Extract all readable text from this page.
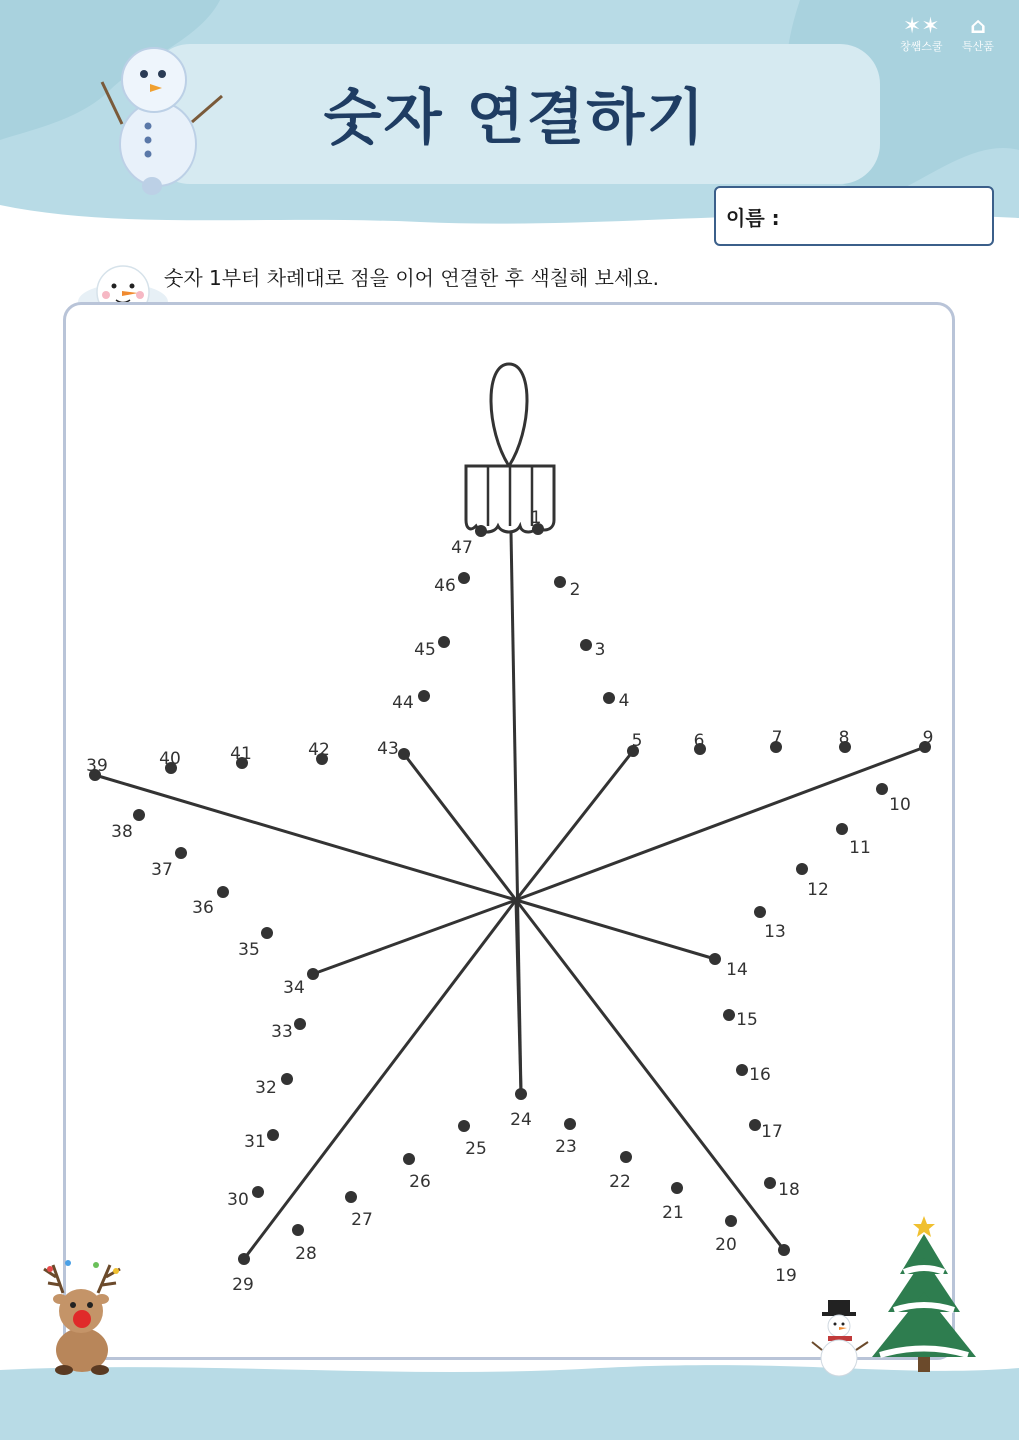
숫자 연결하기
✶✶
창쌤스쿨
⌂
특산품
이름 :
숫자 1부터 차례대로 점을 이어 연결한 후 색칠해 보세요.
1
2
3
4
5	6	7	8	9
10
11
12
13
14
15
16
17
18
19
20
21
22
23
24
25
26
27
28
29
30
31
32
33
34
35
36
37
38
39	40	41	42	43
44
45
46
47
